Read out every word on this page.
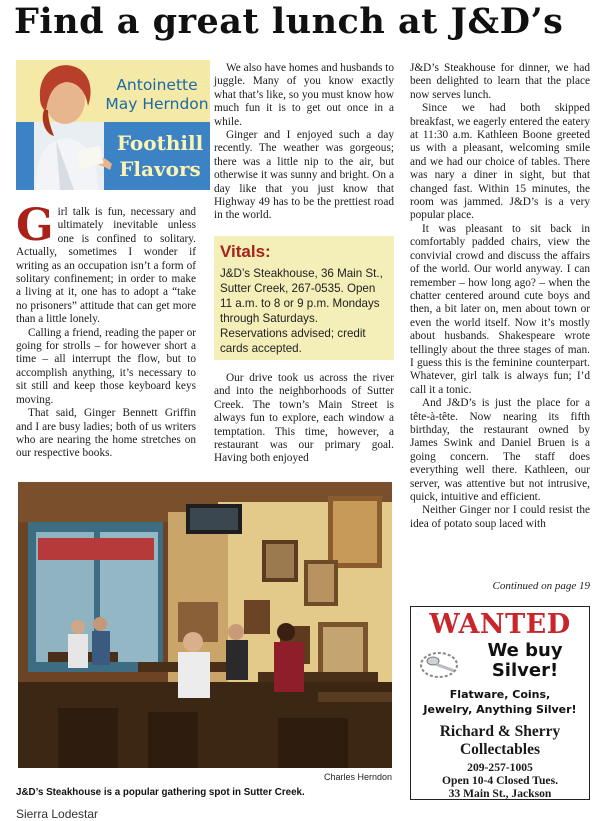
Find a great lunch at J&D’s
Antoinette May Herndon
Foothill Flavors

Girl talk is fun, necessary and ultimately inevitable unless one is confined to solitary. Actually, sometimes I wonder if writing as an occupation isn’t a form of solitary confinement; in order to make a living at it, one has to adopt a “take no prisoners” attitude that can get more than a little lonely.

Calling a friend, reading the paper or going for strolls – for however short a time – all interrupt the flow, but to accomplish anything, it’s necessary to sit still and keep those keyboard keys moving.

That said, Ginger Bennett Griffin and I are busy ladies; both of us writers who are nearing the home stretches on our respective books.

We also have homes and husbands to juggle. Many of you know exactly what that’s like, so you must know how much fun it is to get out once in a while.

Ginger and I enjoyed such a day recently. The weather was gorgeous; there was a little nip to the air, but otherwise it was sunny and bright. On a day like that you just know that Highway 49 has to be the prettiest road in the world.

Vitals:
J&D’s Steakhouse, 36 Main St., Sutter Creek, 267-0535. Open 11 a.m. to 8 or 9 p.m. Mondays through Saturdays. Reservations advised; credit cards accepted.

Our drive took us across the river and into the neighborhoods of Sutter Creek. The town’s Main Street is always fun to explore, each window a temptation. This time, however, a restaurant was our primary goal. Having both enjoyed

J&D’s Steakhouse for dinner, we had been delighted to learn that the place now serves lunch.

Since we had both skipped breakfast, we eagerly entered the eatery at 11:30 a.m. Kathleen Boone greeted us with a pleasant, welcoming smile and we had our choice of tables. There was nary a diner in sight, but that changed fast. Within 15 minutes, the room was jammed. J&D’s is a very popular place.

It was pleasant to sit back in comfortably padded chairs, view the convivial crowd and discuss the affairs of the world. Our world anyway. I can remember – how long ago? – when the chatter centered around cute boys and then, a bit later on, men about town or even the world itself. Now it’s mostly about husbands. Shakespeare wrote tellingly about the three stages of man. I guess this is the feminine counterpart. Whatever, girl talk is always fun; I’d call it a tonic.

And J&D’s is just the place for a tête-à-tête. Now nearing its fifth birthday, the restaurant owned by James Swink and Daniel Bruen is a going concern. The staff does everything well there. Kathleen, our server, was attentive but not intrusive, quick, intuitive and efficient.

Neither Ginger nor I could resist the idea of potato soup laced with

Continued on page 19
Charles Herndon
J&D’s Steakhouse is a popular gathering spot in Sutter Creek.
Sierra Lodestar
WANTED
We buy
Silver!
Flatware, Coins,
Jewelry, Anything Silver!
Richard & Sherry
Collectables
209-257-1005
Open 10-4 Closed Tues.
33 Main St., Jackson
